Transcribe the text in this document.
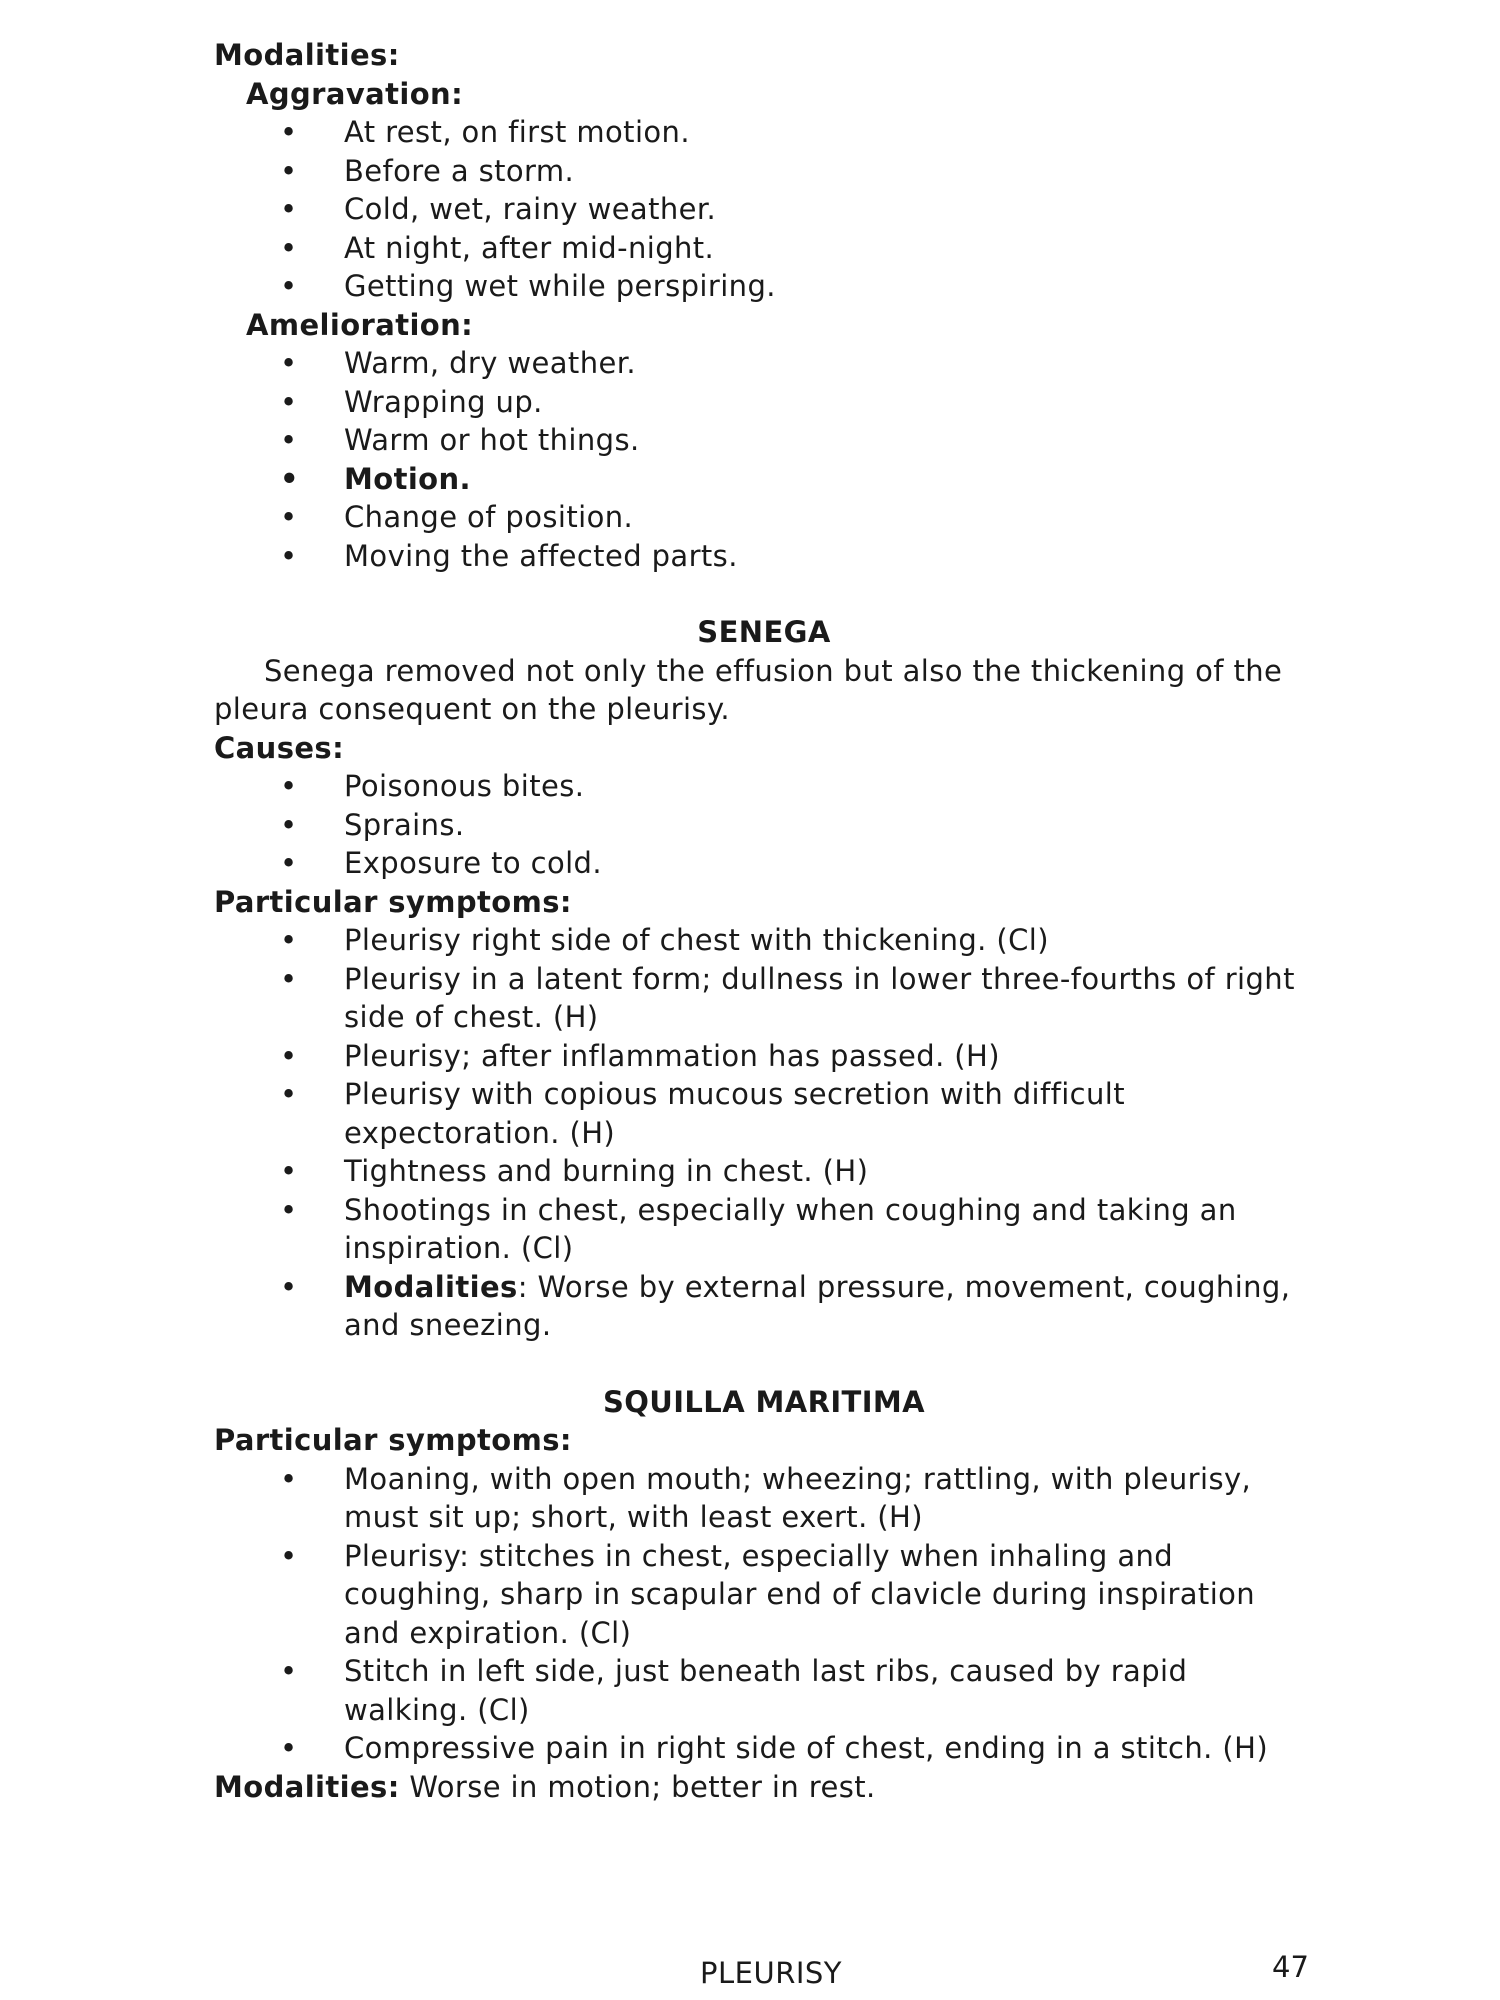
Modalities:
Aggravation:
• At rest, on first motion.
• Before a storm.
• Cold, wet, rainy weather.
• At night, after mid-night.
• Getting wet while perspiring.
Amelioration:
• Warm, dry weather.
• Wrapping up.
• Warm or hot things.
• Motion.
• Change of position.
• Moving the affected parts.
SENEGA

Senega removed not only the effusion but also the thickening of the pleura consequent on the pleurisy.

Causes:
• Poisonous bites.
• Sprains.
• Exposure to cold.
Particular symptoms:
• Pleurisy right side of chest with thickening. (Cl)
• Pleurisy in a latent form; dullness in lower three-fourths of right side of chest. (H)
• Pleurisy; after inflammation has passed. (H)
• Pleurisy with copious mucous secretion with difficult expectoration. (H)
• Tightness and burning in chest. (H)
• Shootings in chest, especially when coughing and taking an inspiration. (Cl)
• Modalities: Worse by external pressure, movement, coughing, and sneezing.
SQUILLA MARITIMA
Particular symptoms:
• Moaning, with open mouth; wheezing; rattling, with pleurisy, must sit up; short, with least exert. (H)
• Pleurisy: stitches in chest, especially when inhaling and coughing, sharp in scapular end of clavicle during inspiration and expiration. (Cl)
• Stitch in left side, just beneath last ribs, caused by rapid walking. (Cl)
• Compressive pain in right side of chest, ending in a stitch. (H)

Modalities: Worse in motion; better in rest.

PLEURISY	47
